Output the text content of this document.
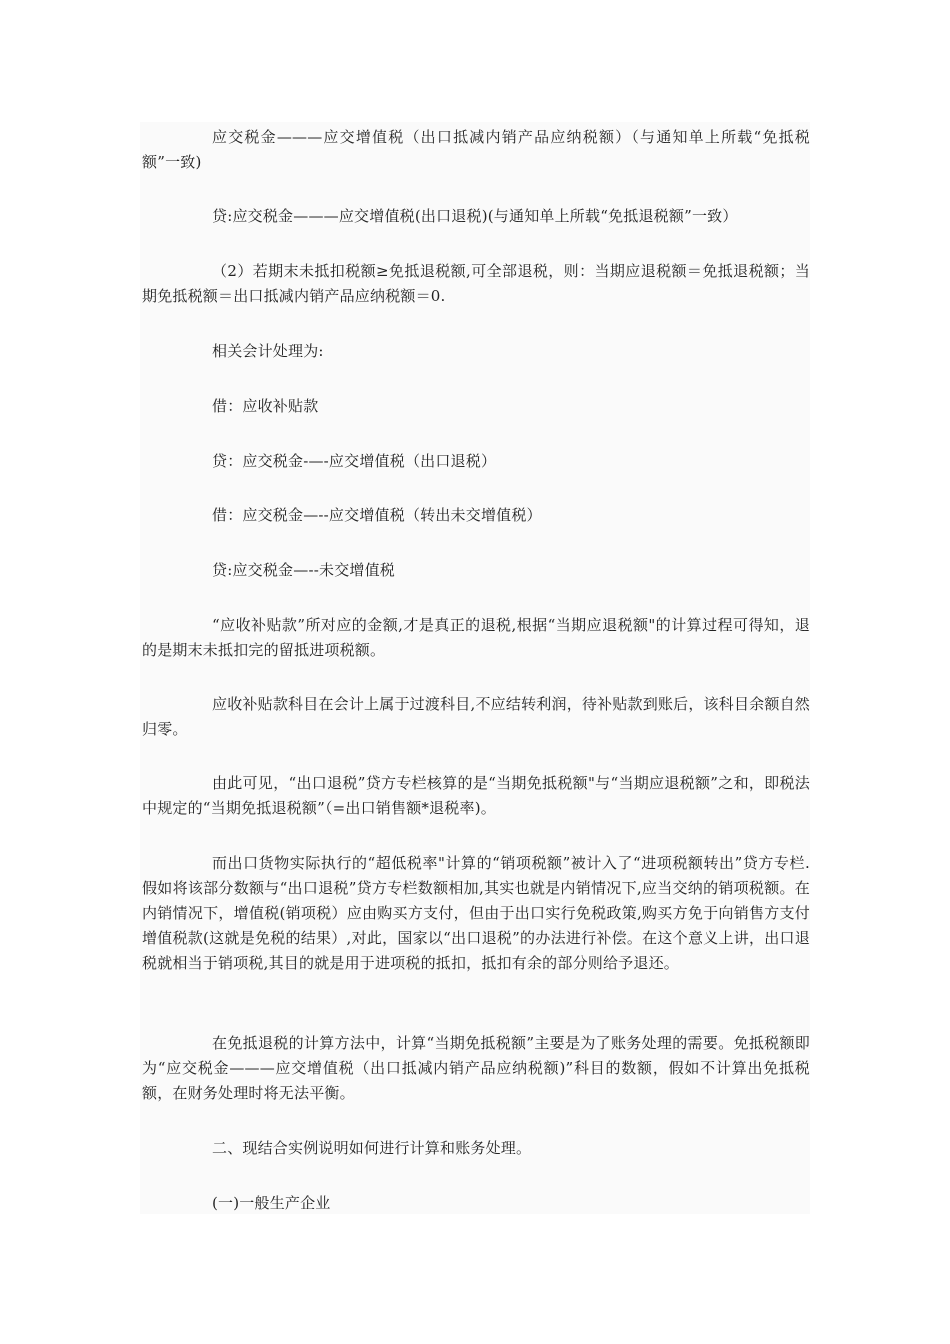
应交税金———应交增值税（出口抵减内销产品应纳税额）（与通知单上所载“免抵税额”一致)

贷:应交税金———应交增值税(出口退税)(与通知单上所载“免抵退税额”一致）

（2）若期末未抵扣税额≥免抵退税额,可全部退税，则：当期应退税额＝免抵退税额；当期免抵税额＝出口抵减内销产品应纳税额＝0.

相关会计处理为:

借：应收补贴款

贷：应交税金-—-应交增值税（出口退税）

借：应交税金—--应交增值税（转出未交增值税）

贷:应交税金—--未交增值税

“应收补贴款”所对应的金额,才是真正的退税,根据“当期应退税额"的计算过程可得知，退的是期末未抵扣完的留抵进项税额。

应收补贴款科目在会计上属于过渡科目,不应结转利润，待补贴款到账后，该科目余额自然归零。

由此可见，“出口退税”贷方专栏核算的是“当期免抵税额"与“当期应退税额”之和，即税法中规定的“当期免抵退税额”（=出口销售额*退税率)。

而出口货物实际执行的“超低税率"计算的“销项税额”被计入了“进项税额转出”贷方专栏.假如将该部分数额与“出口退税”贷方专栏数额相加,其实也就是内销情况下,应当交纳的销项税额。在内销情况下，增值税(销项税）应由购买方支付，但由于出口实行免税政策,购买方免于向销售方支付增值税款(这就是免税的结果）,对此，国家以“出口退税”的办法进行补偿。在这个意义上讲，出口退税就相当于销项税,其目的就是用于进项税的抵扣，抵扣有余的部分则给予退还。

在免抵退税的计算方法中，计算“当期免抵税额”主要是为了账务处理的需要。免抵税额即为“应交税金———应交增值税（出口抵减内销产品应纳税额)”科目的数额，假如不计算出免抵税额，在财务处理时将无法平衡。

二、现结合实例说明如何进行计算和账务处理。

(一)一般生产企业
